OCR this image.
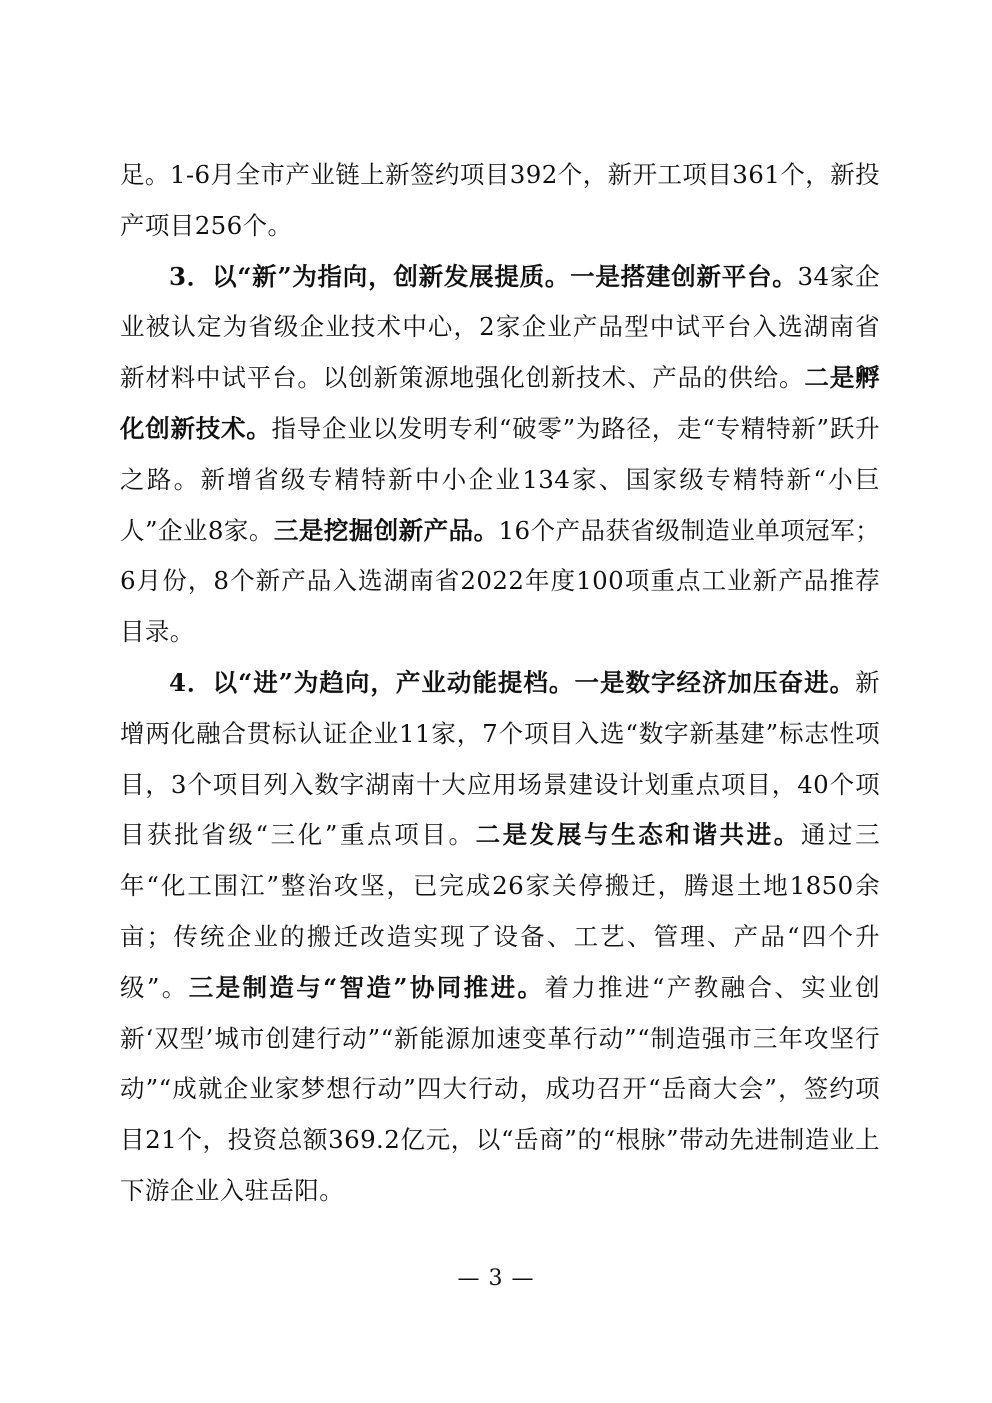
足。1-6月全市产业链上新签约项目392个，新开工项目361个，新投产项目256个。

3．以“新”为指向，创新发展提质。一是搭建创新平台。34家企业被认定为省级企业技术中心，2家企业产品型中试平台入选湖南省新材料中试平台。以创新策源地强化创新技术、产品的供给。二是孵化创新技术。指导企业以发明专利“破零”为路径，走“专精特新”跃升之路。新增省级专精特新中小企业134家、国家级专精特新“小巨人”企业8家。三是挖掘创新产品。16个产品获省级制造业单项冠军；6月份，8个新产品入选湖南省2022年度100项重点工业新产品推荐目录。

4．以“进”为趋向，产业动能提档。一是数字经济加压奋进。新增两化融合贯标认证企业11家，7个项目入选“数字新基建”标志性项目，3个项目列入数字湖南十大应用场景建设计划重点项目，40个项目获批省级“三化”重点项目。二是发展与生态和谐共进。通过三年“化工围江”整治攻坚，已完成26家关停搬迁，腾退土地1850余亩；传统企业的搬迁改造实现了设备、工艺、管理、产品“四个升级”。三是制造与“智造”协同推进。着力推进“产教融合、实业创新‘双型’城市创建行动”“新能源加速变革行动”“制造强市三年攻坚行动”“成就企业家梦想行动”四大行动，成功召开“岳商大会”，签约项目21个，投资总额369.2亿元，以“岳商”的“根脉”带动先进制造业上下游企业入驻岳阳。

— 3 —
